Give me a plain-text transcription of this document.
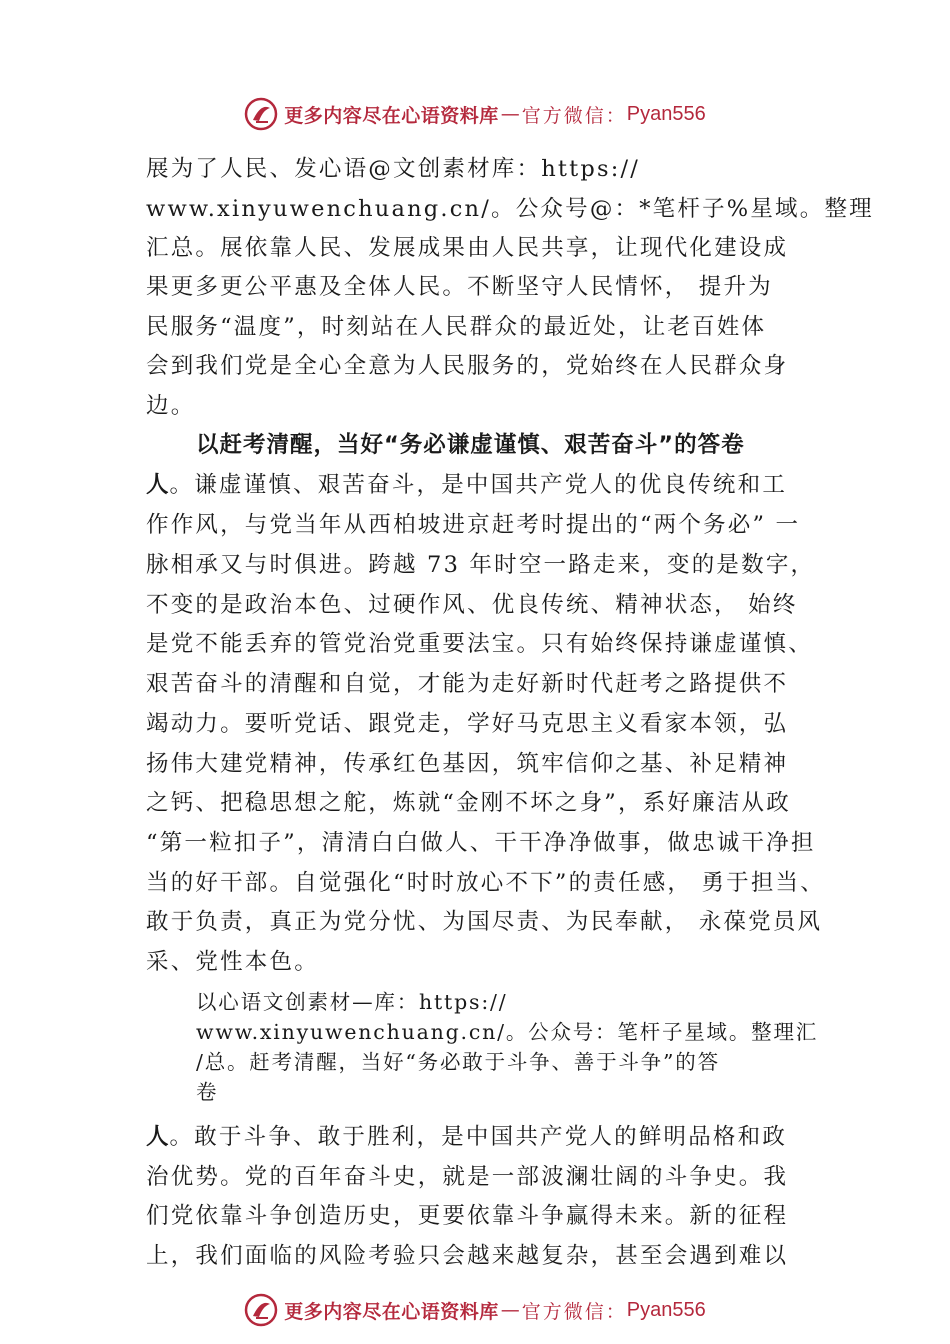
更多内容尽在心语资料库 — 官方微信： Pyan556
展为了人民、发心语@文创素材库：https://
www.xinyuwenchuang.cn/。公众号@：*笔杆子%星域。整理
汇总。展依靠人民、发展成果由人民共享，让现代化建设成
果更多更公平惠及全体人民。不断坚守人民情怀， 提升为
民服务“温度”，时刻站在人民群众的最近处，让老百姓体
会到我们党是全心全意为人民服务的，党始终在人民群众身
边。
以赶考清醒，当好“务必谦虚谨慎、艰苦奋斗”的答卷
人。谦虚谨慎、艰苦奋斗，是中国共产党人的优良传统和工
作作风，与党当年从西柏坡进京赶考时提出的“两个务必” 一
脉相承又与时俱进。跨越 73 年时空一路走来，变的是数字，
不变的是政治本色、过硬作风、优良传统、精神状态， 始终
是党不能丢弃的管党治党重要法宝。只有始终保持谦虚谨慎、
艰苦奋斗的清醒和自觉，才能为走好新时代赶考之路提供不
竭动力。要听党话、跟党走，学好马克思主义看家本领，弘
扬伟大建党精神，传承红色基因，筑牢信仰之基、补足精神
之钙、把稳思想之舵，炼就“金刚不坏之身”，系好廉洁从政
“第一粒扣子”，清清白白做人、干干净净做事，做忠诚干净担
当的好干部。自觉强化“时时放心不下”的责任感， 勇于担当、
敢于负责，真正为党分忧、为国尽责、为民奉献， 永葆党员风
采、党性本色。
以心语文创素材—库：https://
www.xinyuwenchuang.cn/。公众号：笔杆子星域。整理汇
/总。赶考清醒，当好“务必敢于斗争、善于斗争”的答
卷
人。敢于斗争、敢于胜利，是中国共产党人的鲜明品格和政
治优势。党的百年奋斗史，就是一部波澜壮阔的斗争史。我
们党依靠斗争创造历史，更要依靠斗争赢得未来。新的征程
上，我们面临的风险考验只会越来越复杂，甚至会遇到难以
更多内容尽在心语资料库 — 官方微信： Pyan556
